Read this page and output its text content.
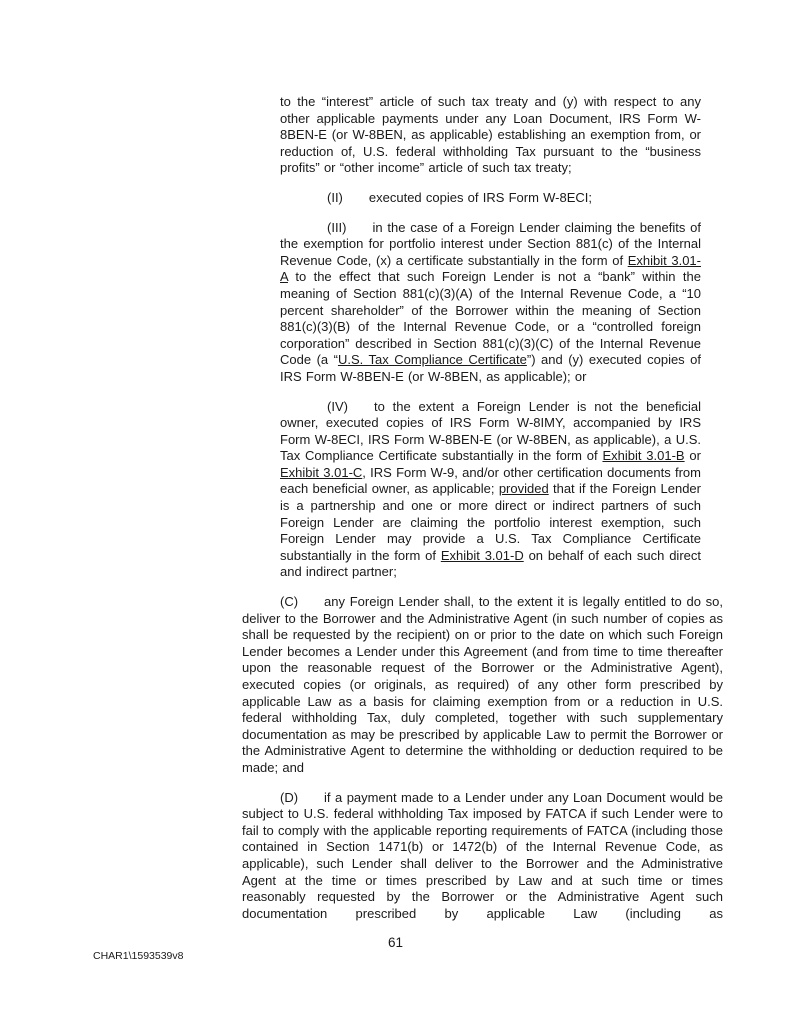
to the “interest” article of such tax treaty and (y) with respect to any other applicable payments under any Loan Document, IRS Form W-8BEN-E (or W-8BEN, as applicable) establishing an exemption from, or reduction of, U.S. federal withholding Tax pursuant to the “business profits” or “other income” article of such tax treaty;

(II) executed copies of IRS Form W-8ECI;

(III) in the case of a Foreign Lender claiming the benefits of the exemption for portfolio interest under Section 881(c) of the Internal Revenue Code, (x) a certificate substantially in the form of Exhibit 3.01-A to the effect that such Foreign Lender is not a “bank” within the meaning of Section 881(c)(3)(A) of the Internal Revenue Code, a “10 percent shareholder” of the Borrower within the meaning of Section 881(c)(3)(B) of the Internal Revenue Code, or a “controlled foreign corporation” described in Section 881(c)(3)(C) of the Internal Revenue Code (a “U.S. Tax Compliance Certificate”) and (y) executed copies of IRS Form W-8BEN-E (or W-8BEN, as applicable); or

(IV) to the extent a Foreign Lender is not the beneficial owner, executed copies of IRS Form W-8IMY, accompanied by IRS Form W-8ECI, IRS Form W-8BEN-E (or W-8BEN, as applicable), a U.S. Tax Compliance Certificate substantially in the form of Exhibit 3.01-B or Exhibit 3.01-C, IRS Form W-9, and/or other certification documents from each beneficial owner, as applicable; provided that if the Foreign Lender is a partnership and one or more direct or indirect partners of such Foreign Lender are claiming the portfolio interest exemption, such Foreign Lender may provide a U.S. Tax Compliance Certificate substantially in the form of Exhibit 3.01-D on behalf of each such direct and indirect partner;

(C) any Foreign Lender shall, to the extent it is legally entitled to do so, deliver to the Borrower and the Administrative Agent (in such number of copies as shall be requested by the recipient) on or prior to the date on which such Foreign Lender becomes a Lender under this Agreement (and from time to time thereafter upon the reasonable request of the Borrower or the Administrative Agent), executed copies (or originals, as required) of any other form prescribed by applicable Law as a basis for claiming exemption from or a reduction in U.S. federal withholding Tax, duly completed, together with such supplementary documentation as may be prescribed by applicable Law to permit the Borrower or the Administrative Agent to determine the withholding or deduction required to be made; and

(D) if a payment made to a Lender under any Loan Document would be subject to U.S. federal withholding Tax imposed by FATCA if such Lender were to fail to comply with the applicable reporting requirements of FATCA (including those contained in Section 1471(b) or 1472(b) of the Internal Revenue Code, as applicable), such Lender shall deliver to the Borrower and the Administrative Agent at the time or times prescribed by Law and at such time or times reasonably requested by the Borrower or the Administrative Agent such documentation prescribed by applicable Law (including as

61
CHAR1\1593539v8
